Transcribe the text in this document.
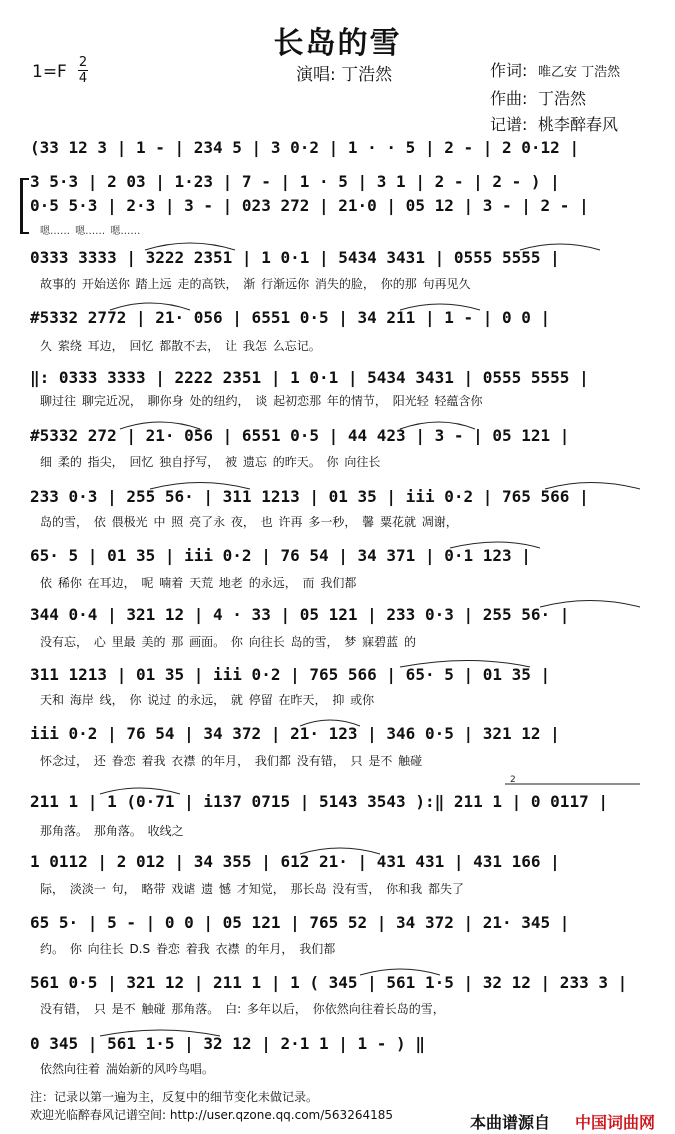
长岛的雪
1=F 2
4	演唱: 丁浩然	作词: 唯乙安 丁浩然
作曲: 丁浩然
记谱: 桃李醉春风
(33 12 3 | 1 - | 234 5 | 3 0·2 | 1 · · 5 | 2 - | 2 0·12 |
3 5·3 | 2 03 | 1·23 | 7 - | 1 · 5 | 3 1 | 2 - | 2 - ) |
0·5 5·3 | 2·3 | 3 - | 023 272 | 21·0 | 05 12 | 3 - | 2 - |
嗯…… 嗯…… 嗯……
0333 3333 | 3222 2351 | 1 0·1 | 5434 3431 | 0555 5555 |
故事的 开始送你 踏上远 走的高铁， 渐 行渐远你 消失的脸， 你的那 句再见久
#5332 2772 | 21· 056 | 6551 0·5 | 34 211 | 1 - | 0 0 |
久 萦绕 耳边， 回忆 都散不去， 让 我怎 么忘记。
‖: 0333 3333 | 2222 2351 | 1 0·1 | 5434 3431 | 0555 5555 |
聊过往 聊完近况， 聊你身 处的纽约， 谈 起初恋那 年的情节， 阳光轻 轻蕴含你
#5332 272 | 21· 056 | 6551 0·5 | 44 423 | 3 - | 05 121 |
细 柔的 指尖， 回忆 独自抒写， 被 遗忘 的昨天。 你 向往长
233 0·3 | 255 56· | 311 1213 | 01 35 | iii 0·2 | 765 566 |
岛的雪， 依 偎极光 中 照 亮了永 夜， 也 许再 多一秒， 馨 粟花就 凋谢，
65· 5 | 01 35 | iii 0·2 | 76 54 | 34 371 | 0·1 123 |
依 稀你 在耳边， 呢 喃着 天荒 地老 的永远， 而 我们都
344 0·4 | 321 12 | 4 · 33 | 05 121 | 233 0·3 | 255 56· |
没有忘， 心 里最 美的 那 画面。 你 向往长 岛的雪， 梦 寐碧蓝 的
311 1213 | 01 35 | iii 0·2 | 765 566 | 65· 5 | 01 35 |
天和 海岸 线， 你 说过 的永远， 就 停留 在昨天， 抑 或你
iii 0·2 | 76 54 | 34 372 | 21· 123 | 346 0·5 | 321 12 |
怀念过， 还 眷恋 着我 衣襟 的年月， 我们都 没有错， 只 是不 触碰
211 1 | 1 (0·71 | i137 0715 | 5143 3543 ):‖ 211 1 | 0 0117 |
那角落。 那角落。 收线之
1 0112 | 2 012 | 34 355 | 612 21· | 431 431 | 431 166 |
际， 淡淡一 句， 略带 戏谑 遗 憾 才知觉， 那长岛 没有雪， 你和我 都失了
65 5· | 5 - | 0 0 | 05 121 | 765 52 | 34 372 | 21· 345 |
约。 你 向往长 D.S 眷恋 着我 衣襟 的年月， 我们都
561 0·5 | 321 12 | 211 1 | 1 ( 345 | 561 1·5 | 32 12 | 233 3 |
没有错， 只 是不 触碰 那角落。 白: 多年以后， 你依然向往着长岛的雪，
0 345 | 561 1·5 | 32 12 | 2·1 1 | 1 - ) ‖
依然向往着 湍始新的风吟鸟唱。
2
注：记录以第一遍为主，反复中的细节变化未做记录。
欢迎光临醉春风记谱空间: http://user.qzone.qq.com/563264185	本曲谱源自 中国词曲网
